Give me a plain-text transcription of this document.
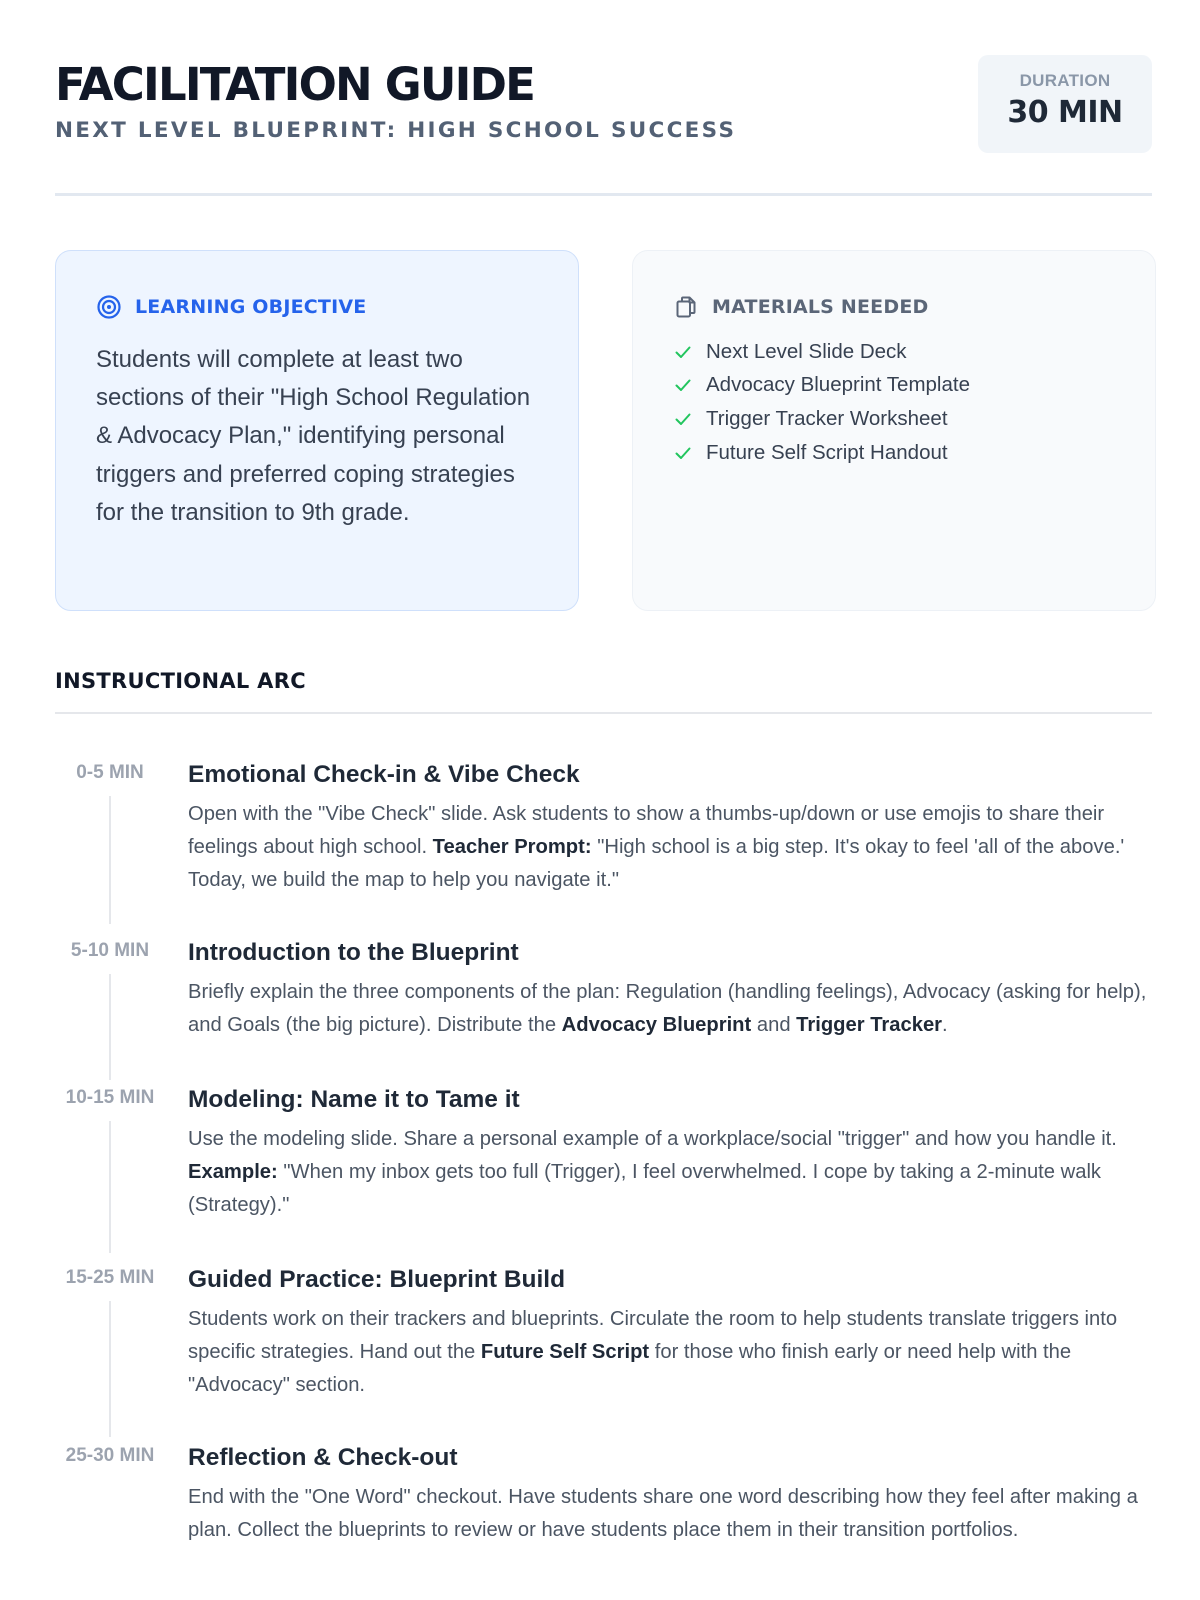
FACILITATION GUIDE
NEXT LEVEL BLUEPRINT: HIGH SCHOOL SUCCESS
DURATION
30 MIN
LEARNING OBJECTIVE

Students will complete at least two sections of their "High School Regulation & Advocacy Plan," identifying personal triggers and preferred coping strategies for the transition to 9th grade.

MATERIALS NEEDED
Next Level Slide Deck
Advocacy Blueprint Template
Trigger Tracker Worksheet
Future Self Script Handout
INSTRUCTIONAL ARC
0-5 MIN	Emotional Check-in & Vibe Check
Open with the "Vibe Check" slide. Ask students to show a thumbs-up/down or use emojis to share their feelings about high school. Teacher Prompt: "High school is a big step. It's okay to feel 'all of the above.' Today, we build the map to help you navigate it."
5-10 MIN	Introduction to the Blueprint
Briefly explain the three components of the plan: Regulation (handling feelings), Advocacy (asking for help), and Goals (the big picture). Distribute the Advocacy Blueprint and Trigger Tracker.
10-15 MIN	Modeling: Name it to Tame it
Use the modeling slide. Share a personal example of a workplace/social "trigger" and how you handle it. Example: "When my inbox gets too full (Trigger), I feel overwhelmed. I cope by taking a 2-minute walk (Strategy)."
15-25 MIN	Guided Practice: Blueprint Build
Students work on their trackers and blueprints. Circulate the room to help students translate triggers into specific strategies. Hand out the Future Self Script for those who finish early or need help with the "Advocacy" section.
25-30 MIN	Reflection & Check-out
End with the "One Word" checkout. Have students share one word describing how they feel after making a plan. Collect the blueprints to review or have students place them in their transition portfolios.
